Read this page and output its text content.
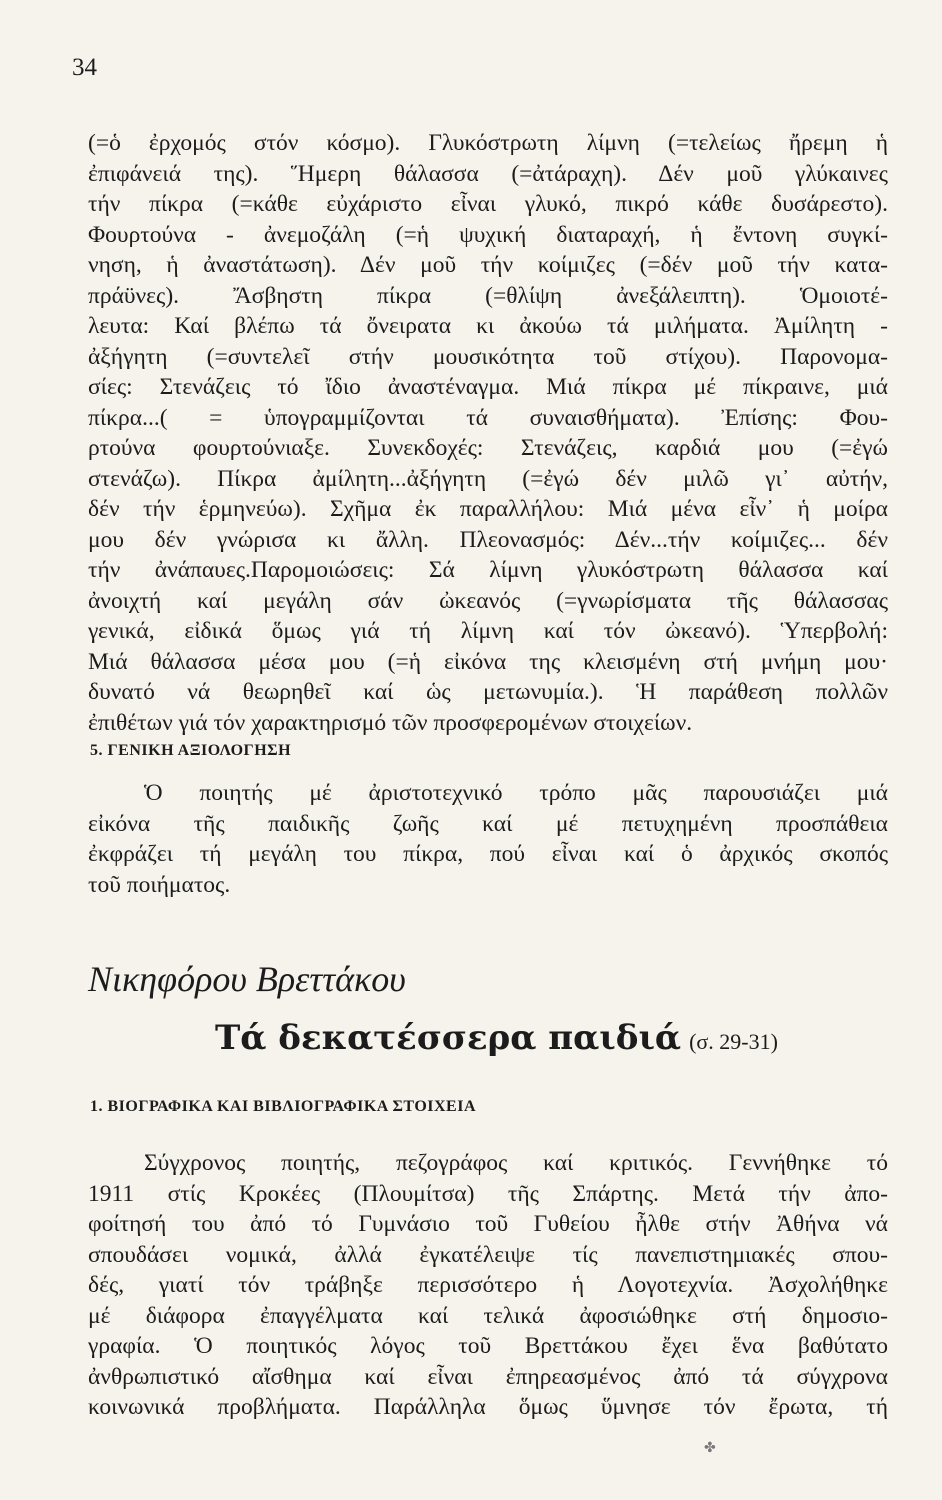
34
(=ὁ ἐρχομός στόν κόσμο). Γλυκόστρωτη λίμνη (=τελείως ἤρεμη ἡ
ἐπιφάνειά της). Ἥμερη θάλασσα (=ἀτάραχη). Δέν μοῦ γλύκαινες
τήν πίκρα (=κάθε εὐχάριστο εἶναι γλυκό, πικρό κάθε δυσάρεστο).
Φουρτούνα - ἀνεμοζάλη (=ἡ ψυχική διαταραχή, ἡ ἔντονη συγκί-
νηση, ἡ ἀναστάτωση). Δέν μοῦ τήν κοίμιζες (=δέν μοῦ τήν κατα-
πράϋνες). Ἄσβηστη πίκρα (=θλίψη ἀνεξάλειπτη). Ὁμοιοτέ-
λευτα: Καί βλέπω τά ὄνειρατα κι ἀκούω τά μιλήματα. Ἀμίλητη -
ἀξήγητη (=συντελεῖ στήν μουσικότητα τοῦ στίχου). Παρονομα-
σίες: Στενάζεις τό ἴδιο ἀναστέναγμα. Μιά πίκρα μέ πίκραινε, μιά
πίκρα...( = ὑπογραμμίζονται τά συναισθήματα). Ἐπίσης: Φου-
ρτούνα φουρτούνιαξε. Συνεκδοχές: Στενάζεις, καρδιά μου (=ἐγώ
στενάζω). Πίκρα ἀμίλητη...ἀξήγητη (=ἐγώ δέν μιλῶ γι᾽ αὐτήν,
δέν τήν ἑρμηνεύω). Σχῆμα ἐκ παραλλήλου: Μιά μένα εἶν᾽ ἡ μοίρα
μου δέν γνώρισα κι ἄλλη. Πλεονασμός: Δέν...τήν κοίμιζες... δέν
τήν ἀνάπαυες.Παρομοιώσεις: Σά λίμνη γλυκόστρωτη θάλασσα καί
ἀνοιχτή καί μεγάλη σάν ὠκεανός (=γνωρίσματα τῆς θάλασσας
γενικά, εἰδικά ὅμως γιά τή λίμνη καί τόν ὠκεανό). Ὑπερβολή:
Μιά θάλασσα μέσα μου (=ἡ εἰκόνα της κλεισμένη στή μνήμη μου·
δυνατό νά θεωρηθεῖ καί ὡς μετωνυμία.). Ἡ παράθεση πολλῶν
ἐπιθέτων γιά τόν χαρακτηρισμό τῶν προσφερομένων στοιχείων.
5. ΓΕΝΙΚΗ ΑΞΙΟΛΟΓΗΣΗ
Ὁ ποιητής μέ ἀριστοτεχνικό τρόπο μᾶς παρουσιάζει μιά
εἰκόνα τῆς παιδικῆς ζωῆς καί μέ πετυχημένη προσπάθεια
ἐκφράζει τή μεγάλη του πίκρα, πού εἶναι καί ὁ ἀρχικός σκοπός
τοῦ ποιήματος.
Νικηφόρου Βρεττάκου
Τά δεκατέσσερα παιδιά (σ. 29-31)
1. ΒΙΟΓΡΑΦΙΚΑ ΚΑΙ ΒΙΒΛΙΟΓΡΑΦΙΚΑ ΣΤΟΙΧΕΙΑ
Σύγχρονος ποιητής, πεζογράφος καί κριτικός. Γεννήθηκε τό
1911 στίς Κροκέες (Πλουμίτσα) τῆς Σπάρτης. Μετά τήν ἀπο-
φοίτησή του ἀπό τό Γυμνάσιο τοῦ Γυθείου ἦλθε στήν Ἀθήνα νά
σπουδάσει νομικά, ἀλλά ἐγκατέλειψε τίς πανεπιστημιακές σπου-
δές, γιατί τόν τράβηξε περισσότερο ἡ Λογοτεχνία. Ἀσχολήθηκε
μέ διάφορα ἐπαγγέλματα καί τελικά ἀφοσιώθηκε στή δημοσιο-
γραφία. Ὁ ποιητικός λόγος τοῦ Βρεττάκου ἔχει ἕνα βαθύτατο
ἀνθρωπιστικό αἴσθημα καί εἶναι ἐπηρεασμένος ἀπό τά σύγχρονα
κοινωνικά προβλήματα. Παράλληλα ὅμως ὕμνησε τόν ἔρωτα, τή
✤
